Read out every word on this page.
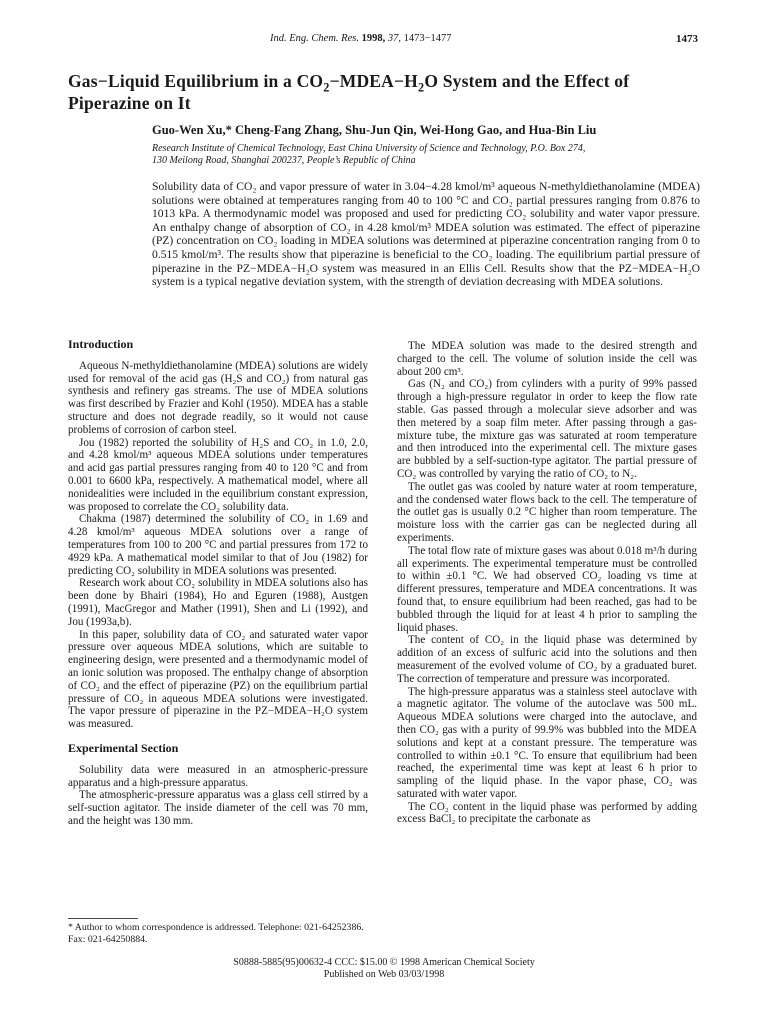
Ind. Eng. Chem. Res. 1998, 37, 1473−1477	1473
Gas−Liquid Equilibrium in a $CO_2-MDEA-H_2O$ System and the Effect of Piperazine on It
Guo-Wen Xu,* Cheng-Fang Zhang, Shu-Jun Qin, Wei-Hong Gao, and Hua-Bin Liu
Research Institute of Chemical Technology, East China University of Science and Technology, P.O. Box 274,
130 Meilong Road, Shanghai 200237, People’s Republic of China
Solubility data of CO₂ and vapor pressure of water in 3.04−4.28 kmol/m³ aqueous N-methyldiethanolamine (MDEA) solutions were obtained at temperatures ranging from 40 to 100 °C and CO₂ partial pressures ranging from 0.876 to 1013 kPa. A thermodynamic model was proposed and used for predicting CO₂ solubility and water vapor pressure. An enthalpy change of absorption of CO₂ in 4.28 kmol/m³ MDEA solution was estimated. The effect of piperazine (PZ) concentration on CO₂ loading in MDEA solutions was determined at piperazine concentration ranging from 0 to 0.515 kmol/m³. The results show that piperazine is beneficial to the CO₂ loading. The equilibrium partial pressure of piperazine in the PZ−MDEA−H₂O system was measured in an Ellis Cell. Results show that the PZ−MDEA−H₂O system is a typical negative deviation system, with the strength of deviation decreasing with MDEA solutions.
Introduction

Aqueous N-methyldiethanolamine (MDEA) solutions are widely used for removal of the acid gas (H₂S and CO₂) from natural gas synthesis and refinery gas streams. The use of MDEA solutions was first described by Frazier and Kohl (1950). MDEA has a stable structure and does not degrade readily, so it would not cause problems of corrosion of carbon steel.

Jou (1982) reported the solubility of H₂S and CO₂ in 1.0, 2.0, and 4.28 kmol/m³ aqueous MDEA solutions under temperatures and acid gas partial pressures ranging from 40 to 120 °C and from 0.001 to 6600 kPa, respectively. A mathematical model, where all nonidealities were included in the equilibrium constant expression, was proposed to correlate the CO₂ solubility data.

Chakma (1987) determined the solubility of CO₂ in 1.69 and 4.28 kmol/m³ aqueous MDEA solutions over a range of temperatures from 100 to 200 °C and partial pressures from 172 to 4929 kPa. A mathematical model similar to that of Jou (1982) for predicting CO₂ solubility in MDEA solutions was presented.

Research work about CO₂ solubility in MDEA solutions also has been done by Bhairi (1984), Ho and Eguren (1988), Austgen (1991), MacGregor and Mather (1991), Shen and Li (1992), and Jou (1993a,b).

In this paper, solubility data of CO₂ and saturated water vapor pressure over aqueous MDEA solutions, which are suitable to engineering design, were presented and a thermodynamic model of an ionic solution was proposed. The enthalpy change of absorption of CO₂ and the effect of piperazine (PZ) on the equilibrium partial pressure of CO₂ in aqueous MDEA solutions were investigated. The vapor pressure of piperazine in the PZ−MDEA−H₂O system was measured.

Experimental Section

Solubility data were measured in an atmospheric-pressure apparatus and a high-pressure apparatus.

The atmospheric-pressure apparatus was a glass cell stirred by a self-suction agitator. The inside diameter of the cell was 70 mm, and the height was 130 mm.

The MDEA solution was made to the desired strength and charged to the cell. The volume of solution inside the cell was about 200 cm³.

Gas (N₂ and CO₂) from cylinders with a purity of 99% passed through a high-pressure regulator in order to keep the flow rate stable. Gas passed through a molecular sieve adsorber and was then metered by a soap film meter. After passing through a gas-mixture tube, the mixture gas was saturated at room temperature and then introduced into the experimental cell. The mixture gases are bubbled by a self-suction-type agitator. The partial pressure of CO₂ was controlled by varying the ratio of CO₂ to N₂.

The outlet gas was cooled by nature water at room temperature, and the condensed water flows back to the cell. The temperature of the outlet gas is usually 0.2 °C higher than room temperature. The moisture loss with the carrier gas can be neglected during all experiments.

The total flow rate of mixture gases was about 0.018 m³/h during all experiments. The experimental temperature must be controlled to within ±0.1 °C. We had observed CO₂ loading vs time at different pressures, temperature and MDEA concentrations. It was found that, to ensure equilibrium had been reached, gas had to be bubbled through the liquid for at least 4 h prior to sampling the liquid phases.

The content of CO₂ in the liquid phase was determined by addition of an excess of sulfuric acid into the solutions and then measurement of the evolved volume of CO₂ by a graduated buret. The correction of temperature and pressure was incorporated.

The high-pressure apparatus was a stainless steel autoclave with a magnetic agitator. The volume of the autoclave was 500 mL. Aqueous MDEA solutions were charged into the autoclave, and then CO₂ gas with a purity of 99.9% was bubbled into the MDEA solutions and kept at a constant pressure. The temperature was controlled to within ±0.1 °C. To ensure that equilibrium had been reached, the experimental time was kept at least 6 h prior to sampling of the liquid phase. In the vapor phase, CO₂ was saturated with water vapor.

The CO₂ content in the liquid phase was performed by adding excess BaCl₂ to precipitate the carbonate as

* Author to whom correspondence is addressed. Telephone: 021-64252386. Fax: 021-64250884.
S0888-5885(95)00632-4 CCC: $15.00 © 1998 American Chemical Society
Published on Web 03/03/1998
